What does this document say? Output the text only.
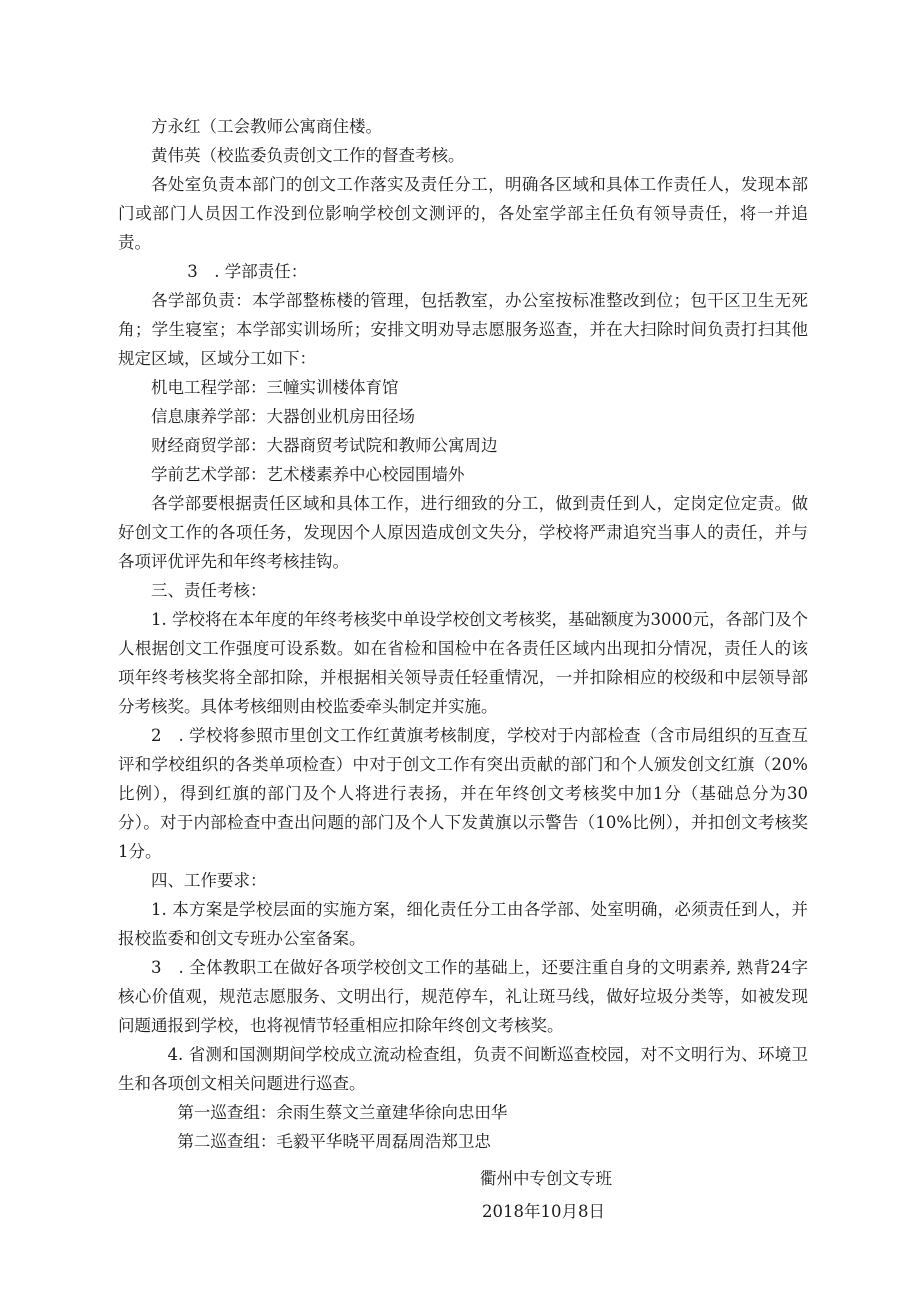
方永红（工会教师公寓商住楼。

黄伟英（校监委负责创文工作的督查考核。

各处室负责本部门的创文工作落实及责任分工，明确各区域和具体工作责任人，发现本部门或部门人员因工作没到位影响学校创文测评的，各处室学部主任负有领导责任，将一并追责。

3　. 学部责任：

各学部负责：本学部整栋楼的管理，包括教室，办公室按标准整改到位；包干区卫生无死角；学生寝室；本学部实训场所；安排文明劝导志愿服务巡查，并在大扫除时间负责打扫其他规定区域，区域分工如下：

机电工程学部：三幢实训楼体育馆

信息康养学部：大器创业机房田径场

财经商贸学部：大器商贸考试院和教师公寓周边

学前艺术学部：艺术楼素养中心校园围墙外

各学部要根据责任区域和具体工作，进行细致的分工，做到责任到人，定岗定位定责。做好创文工作的各项任务，发现因个人原因造成创文失分，学校将严肃追究当事人的责任，并与各项评优评先和年终考核挂钩。

三、责任考核：

1. 学校将在本年度的年终考核奖中单设学校创文考核奖，基础额度为3000元，各部门及个人根据创文工作强度可设系数。如在省检和国检中在各责任区域内出现扣分情况，责任人的该项年终考核奖将全部扣除，并根据相关领导责任轻重情况，一并扣除相应的校级和中层领导部分考核奖。具体考核细则由校监委牵头制定并实施。

2　. 学校将参照市里创文工作红黄旗考核制度，学校对于内部检查（含市局组织的互查互评和学校组织的各类单项检查）中对于创文工作有突出贡献的部门和个人颁发创文红旗（20%比例），得到红旗的部门及个人将进行表扬，并在年终创文考核奖中加1分（基础总分为30分）。对于内部检查中查出问题的部门及个人下发黄旗以示警告（10%比例），并扣创文考核奖1分。

四、工作要求：

1. 本方案是学校层面的实施方案，细化责任分工由各学部、处室明确，必须责任到人，并报校监委和创文专班办公室备案。

3　. 全体教职工在做好各项学校创文工作的基础上，还要注重自身的文明素养, 熟背24字核心价值观，规范志愿服务、文明出行，规范停车，礼让斑马线，做好垃圾分类等，如被发现问题通报到学校，也将视情节轻重相应扣除年终创文考核奖。

4. 省测和国测期间学校成立流动检查组，负责不间断巡查校园，对不文明行为、环境卫生和各项创文相关问题进行巡查。

第一巡查组：余雨生蔡文兰童建华徐向忠田华

第二巡查组：毛毅平华晓平周磊周浩郑卫忠

衢州中专创文专班
2018年10月8日
